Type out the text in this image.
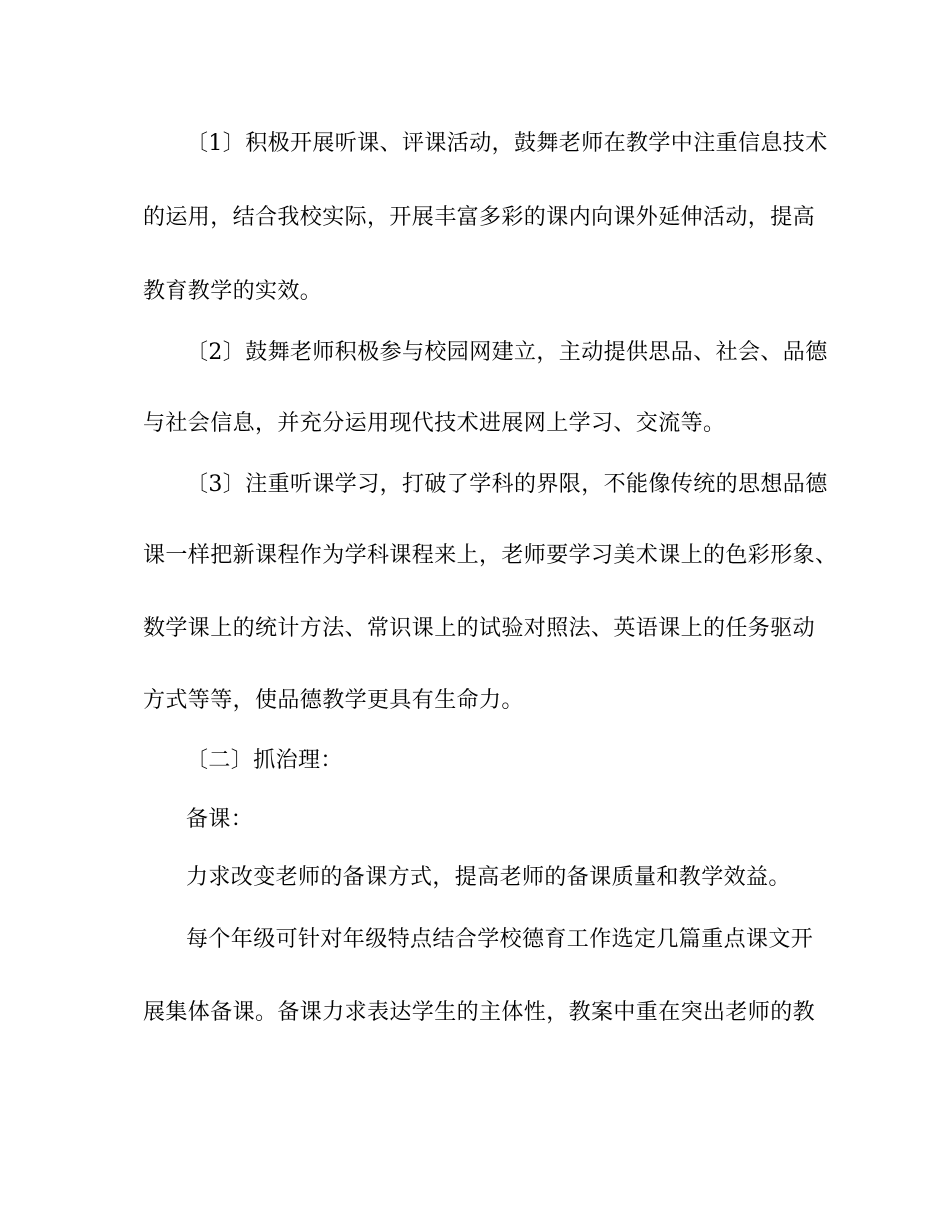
〔1〕积极开展听课、评课活动，鼓舞老师在教学中注重信息技术
的运用，结合我校实际，开展丰富多彩的课内向课外延伸活动，提高
教育教学的实效。
〔2〕鼓舞老师积极参与校园网建立，主动提供思品、社会、品德
与社会信息，并充分运用现代技术进展网上学习、交流等。
〔3〕注重听课学习，打破了学科的界限，不能像传统的思想品德
课一样把新课程作为学科课程来上，老师要学习美术课上的色彩形象、
数学课上的统计方法、常识课上的试验对照法、英语课上的任务驱动
方式等等，使品德教学更具有生命力。
〔二〕抓治理：
备课：
力求改变老师的备课方式，提高老师的备课质量和教学效益。
每个年级可针对年级特点结合学校德育工作选定几篇重点课文开
展集体备课。备课力求表达学生的主体性，教案中重在突出老师的教
